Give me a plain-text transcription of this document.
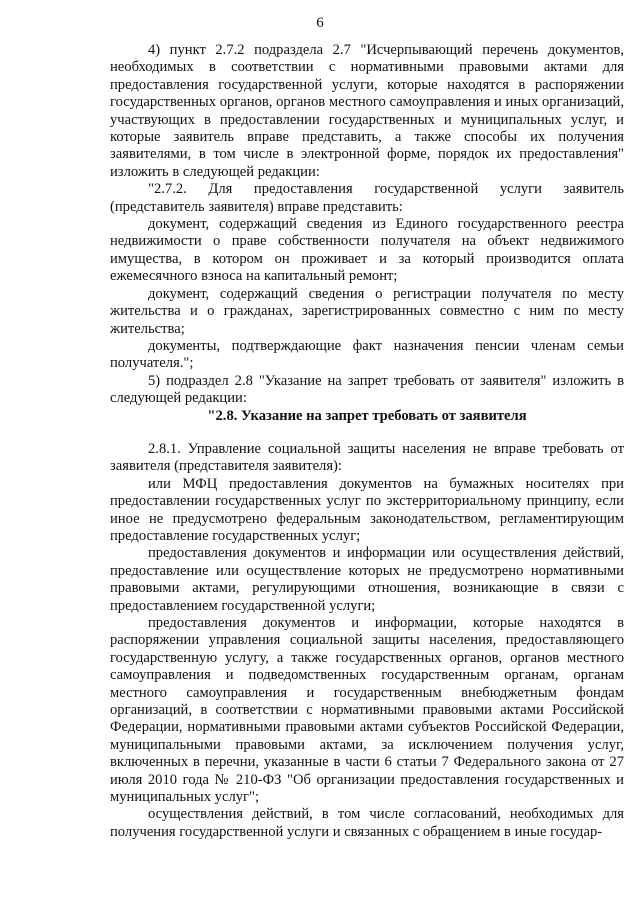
6

4) пункт 2.7.2 подраздела 2.7 "Исчерпывающий перечень документов, необходимых в соответствии с нормативными правовыми актами для предоставления государственной услуги, которые находятся в распоряжении государственных органов, органов местного самоуправления и иных организаций, участвующих в предоставлении государственных и муниципальных услуг, и которые заявитель вправе представить, а также способы их получения заявителями, в том числе в электронной форме, порядок их предоставления" изложить в следующей редакции:

"2.7.2. Для предоставления государственной услуги заявитель (представитель заявителя) вправе представить:

документ, содержащий сведения из Единого государственного реестра недвижимости о праве собственности получателя на объект недвижимого имущества, в котором он проживает и за который производится оплата ежемесячного взноса на капитальный ремонт;

документ, содержащий сведения о регистрации получателя по месту жительства и о гражданах, зарегистрированных совместно с ним по месту жительства;

документы, подтверждающие факт назначения пенсии членам семьи получателя.";

5) подраздел 2.8 "Указание на запрет требовать от заявителя" изложить в следующей редакции:

"2.8. Указание на запрет требовать от заявителя

2.8.1. Управление социальной защиты населения не вправе требовать от заявителя (представителя заявителя):

или МФЦ предоставления документов на бумажных носителях при предоставлении государственных услуг по экстерриториальному принципу, если иное не предусмотрено федеральным законодательством, регламентирующим предоставление государственных услуг;

предоставления документов и информации или осуществления действий, предоставление или осуществление которых не предусмотрено нормативными правовыми актами, регулирующими отношения, возникающие в связи с предоставлением государственной услуги;

предоставления документов и информации, которые находятся в распоряжении управления социальной защиты населения, предоставляющего государственную услугу, а также государственных органов, органов местного самоуправления и подведомственных государственным органам, органам местного самоуправления и государственным внебюджетным фондам организаций, в соответствии с нормативными правовыми актами Российской Федерации, нормативными правовыми актами субъектов Российской Федерации, муниципальными правовыми актами, за исключением получения услуг, включенных в перечни, указанные в части 6 статьи 7 Федерального закона от 27 июля 2010 года № 210-ФЗ "Об организации предоставления государственных и муниципальных услуг";

осуществления действий, в том числе согласований, необходимых для получения государственной услуги и связанных с обращением в иные государ-
